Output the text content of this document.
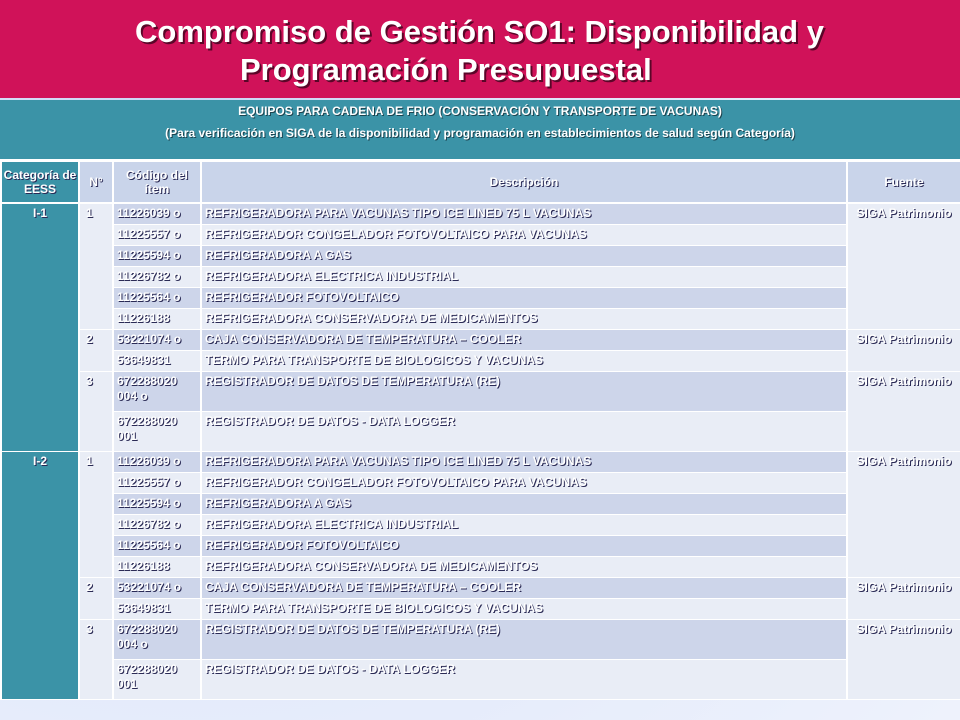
Compromiso de Gestión SO1: Disponibilidad y
Programación Presupuestal
EQUIPOS PARA CADENA DE FRIO (CONSERVACIÓN Y TRANSPORTE DE VACUNAS)
(Para verificación en SIGA de la disponibilidad y programación en establecimientos de salud según Categoría)
Categoría de EESS	N°	Código del ítem	Descripción	Fuente
I-1	1	11226039 o	REFRIGERADORA PARA VACUNAS TIPO ICE LINED 75 L VACUNAS	SIGA Patrimonio
		11225557 o	REFRIGERADOR CONGELADOR FOTOVOLTAICO PARA VACUNAS	
		11225594 o	REFRIGERADORA A GAS	
		11226782 o	REFRIGERADORA ELECTRICA INDUSTRIAL	
		11225564 o	REFRIGERADOR FOTOVOLTAICO	
		11226188	REFRIGERADORA CONSERVADORA DE MEDICAMENTOS	
	2	53221074 o	CAJA CONSERVADORA DE TEMPERATURA – COOLER	SIGA Patrimonio
		53649831	TERMO PARA TRANSPORTE DE BIOLOGICOS Y VACUNAS	
	3	672288020 004 o	REGISTRADOR DE DATOS DE TEMPERATURA (RE)	SIGA Patrimonio
		672288020 001	REGISTRADOR DE DATOS - DATA LOGGER	
I-2	1	11226039 o	REFRIGERADORA PARA VACUNAS TIPO ICE LINED 75 L VACUNAS	SIGA Patrimonio
		11225557 o	REFRIGERADOR CONGELADOR FOTOVOLTAICO PARA VACUNAS	
		11225594 o	REFRIGERADORA A GAS	
		11226782 o	REFRIGERADORA ELECTRICA INDUSTRIAL	
		11225564 o	REFRIGERADOR FOTOVOLTAICO	
		11226188	REFRIGERADORA CONSERVADORA DE MEDICAMENTOS	
	2	53221074 o	CAJA CONSERVADORA DE TEMPERATURA – COOLER	SIGA Patrimonio
		53649831	TERMO PARA TRANSPORTE DE BIOLOGICOS Y VACUNAS	
	3	672288020 004 o	REGISTRADOR DE DATOS DE TEMPERATURA (RE)	SIGA Patrimonio
		672288020 001	REGISTRADOR DE DATOS - DATA LOGGER	
